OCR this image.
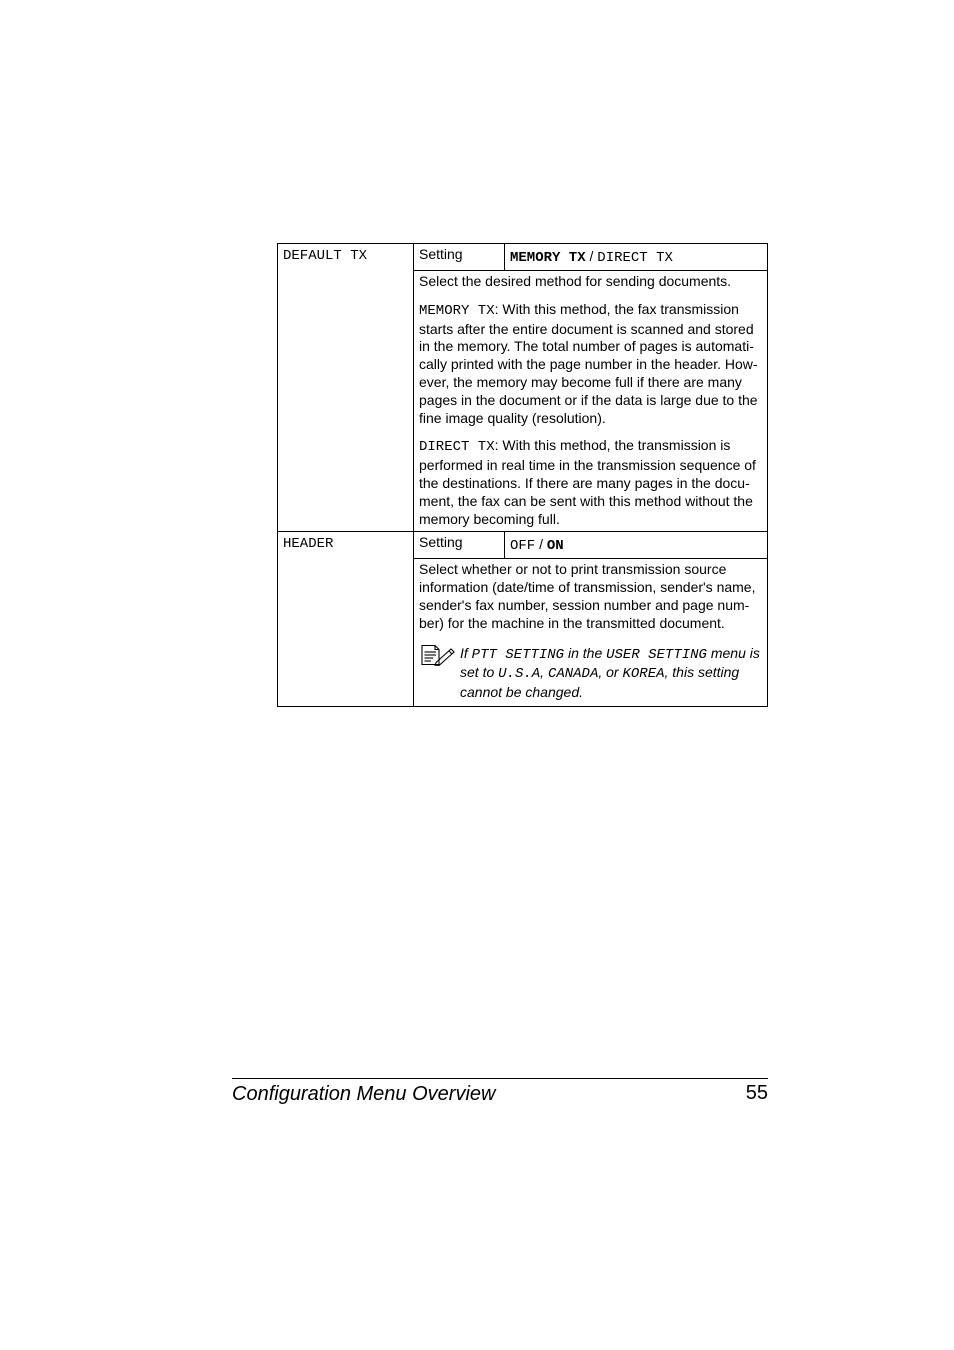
DEFAULT TX	Setting	MEMORY TX / DIRECT TX

	Select the desired method for sending documents.

MEMORY TX: With this method, the fax transmission starts after the entire document is scanned and stored in the memory. The total number of pages is automati-cally printed with the page number in the header. How-ever, the memory may become full if there are many pages in the document or if the data is large due to the fine image quality (resolution).

DIRECT TX: With this method, the transmission is performed in real time in the transmission sequence of the destinations. If there are many pages in the docu-ment, the fax can be sent with this method without the memory becoming full.	

HEADER	Setting	OFF / ON

	Select whether or not to print transmission source information (date/time of transmission, sender's name, sender's fax number, session number and page num-ber) for the machine in the transmitted document.

If PTT SETTING in the USER SETTING menu is set to U.S.A, CANADA, or KOREA, this setting cannot be changed.	
Configuration Menu Overview	55
